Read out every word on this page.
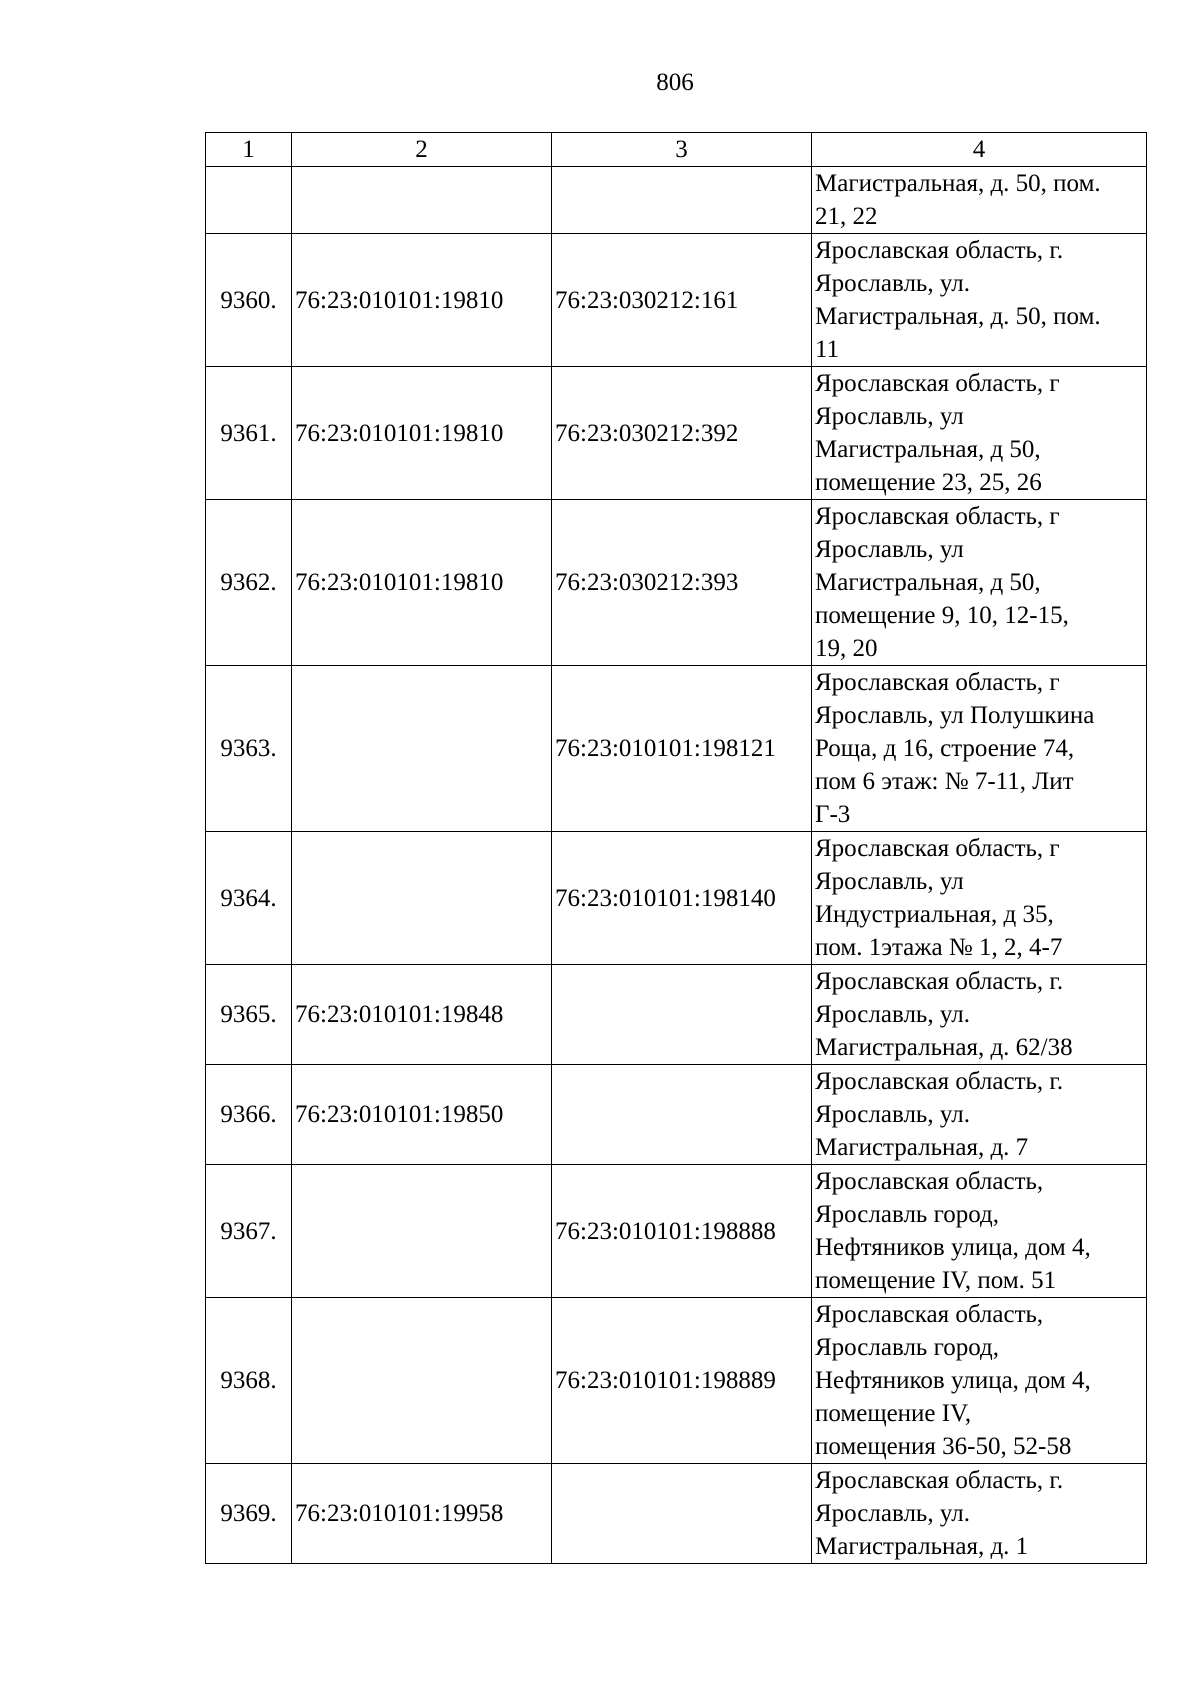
806
1	2	3	4

			Магистральная, д. 50, пом.
21, 22

9360.	76:23:010101:19810	76:23:030212:161	Ярославская область, г.
Ярославль, ул.
Магистральная, д. 50, пом.
11

9361.	76:23:010101:19810	76:23:030212:392	Ярославская область, г
Ярославль, ул
Магистральная, д 50,
помещение 23, 25, 26

9362.	76:23:010101:19810	76:23:030212:393	Ярославская область, г
Ярославль, ул
Магистральная, д 50,
помещение 9, 10, 12-15,
19, 20

9363.		76:23:010101:198121	Ярославская область, г
Ярославль, ул Полушкина
Роща, д 16, строение 74,
пом 6 этаж: № 7-11, Лит
Г-3

9364.		76:23:010101:198140	Ярославская область, г
Ярославль, ул
Индустриальная, д 35,
пом. 1этажа № 1, 2, 4-7

9365.	76:23:010101:19848		Ярославская область, г.
Ярославль, ул.
Магистральная, д. 62/38

9366.	76:23:010101:19850		Ярославская область, г.
Ярославль, ул.
Магистральная, д. 7

9367.		76:23:010101:198888	Ярославская область,
Ярославль город,
Нефтяников улица, дом 4,
помещение IV, пом. 51

9368.		76:23:010101:198889	Ярославская область,
Ярославль город,
Нефтяников улица, дом 4,
помещение IV,
помещения 36-50, 52-58

9369.	76:23:010101:19958		Ярославская область, г.
Ярославль, ул.
Магистральная, д. 1
